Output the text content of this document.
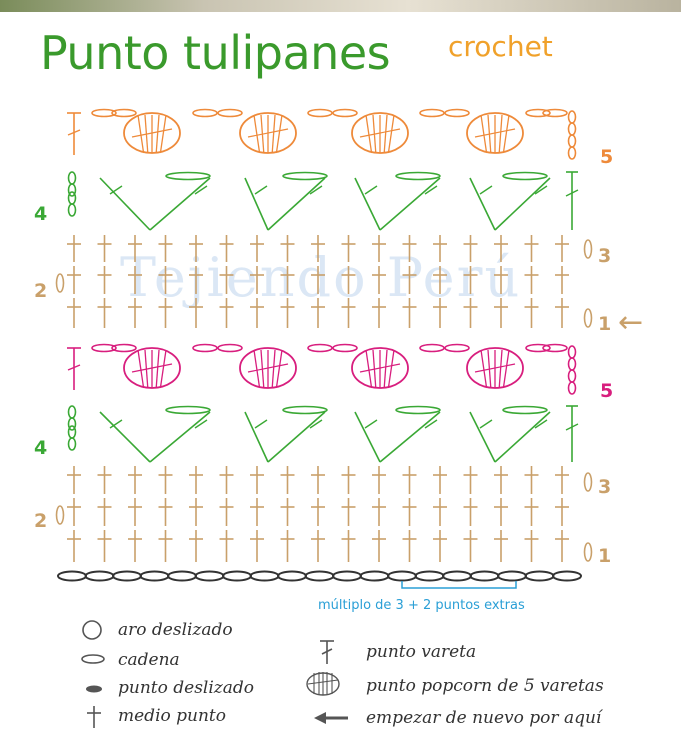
Punto tulipanes crochet
Tejiendo Perú
5
4
3
2
1 ←
5
4
3
2
1
múltiplo de 3 + 2 puntos extras
aro deslizado
cadena
punto deslizado
medio punto
punto vareta
punto popcorn de 5 varetas
empezar de nuevo por aquí
